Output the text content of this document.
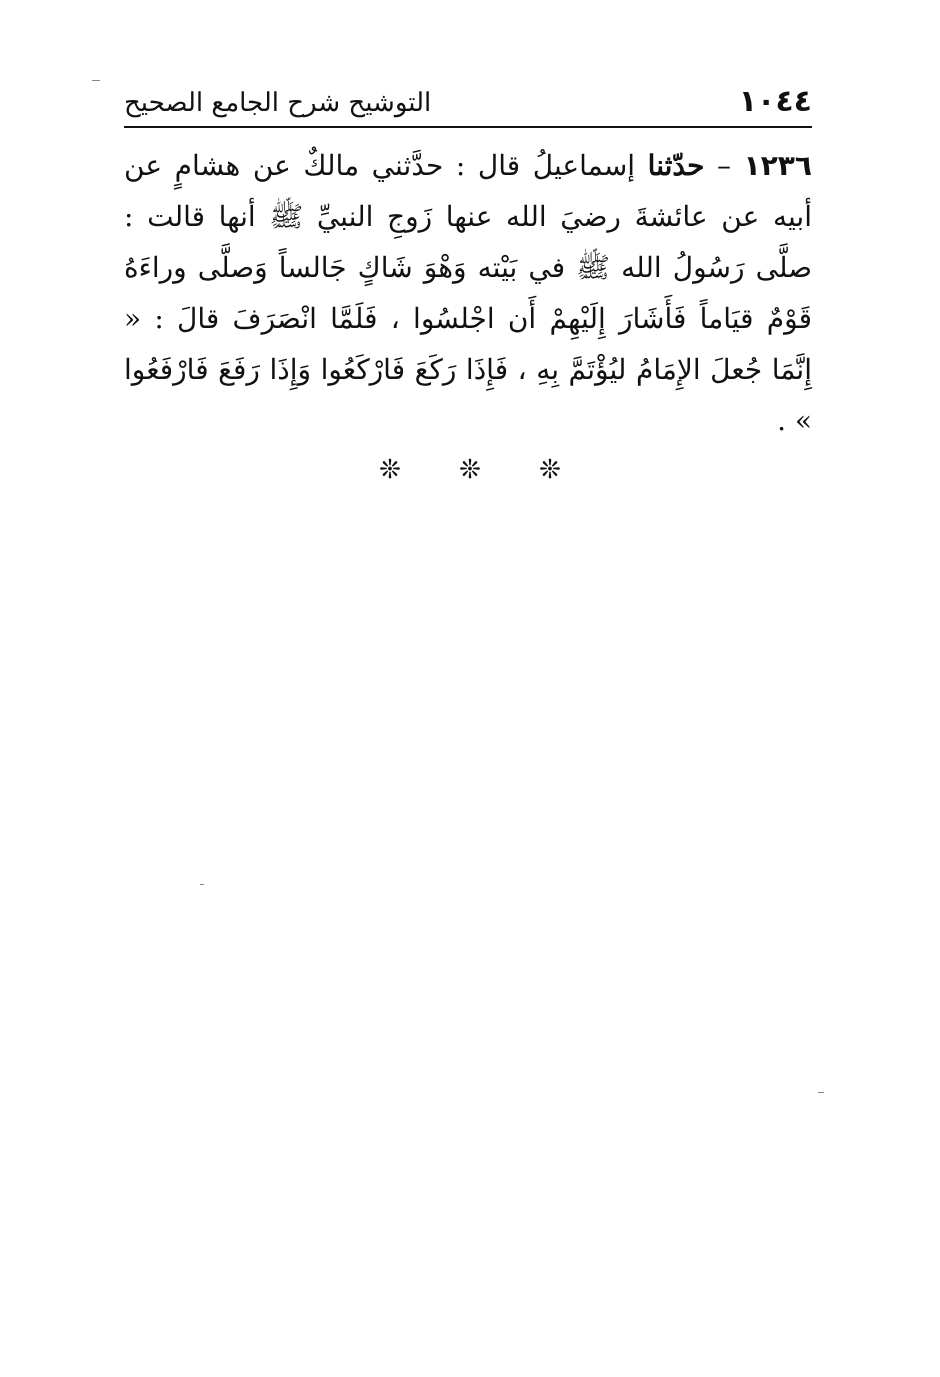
١٠٤٤
التوشيح شرح الجامع الصحيح

١٢٣٦ – حدّثنا إسماعيلُ قال : حدَّثني مالكٌ عن هشامٍ عن أبيه عن عائشةَ رضيَ الله عنها زَوجِ النبيِّ ﷺ أنها قالت : صلَّى رَسُولُ الله ﷺ في بَيْته وَهْوَ شَاكٍ جَالساً وَصلَّى وراءَهُ قَوْمٌ قيَاماً فَأَشَارَ إِلَيْهِمْ أَن اجْلسُوا ، فَلَمَّا انْصَرَفَ قالَ : « إِنَّمَا جُعلَ الإِمَامُ ليُؤْتَمَّ بِهِ ، فَإِذَا رَكَعَ فَارْكَعُوا وَإِذَا رَفَعَ فَارْفَعُوا » .

❊	❊	❊
